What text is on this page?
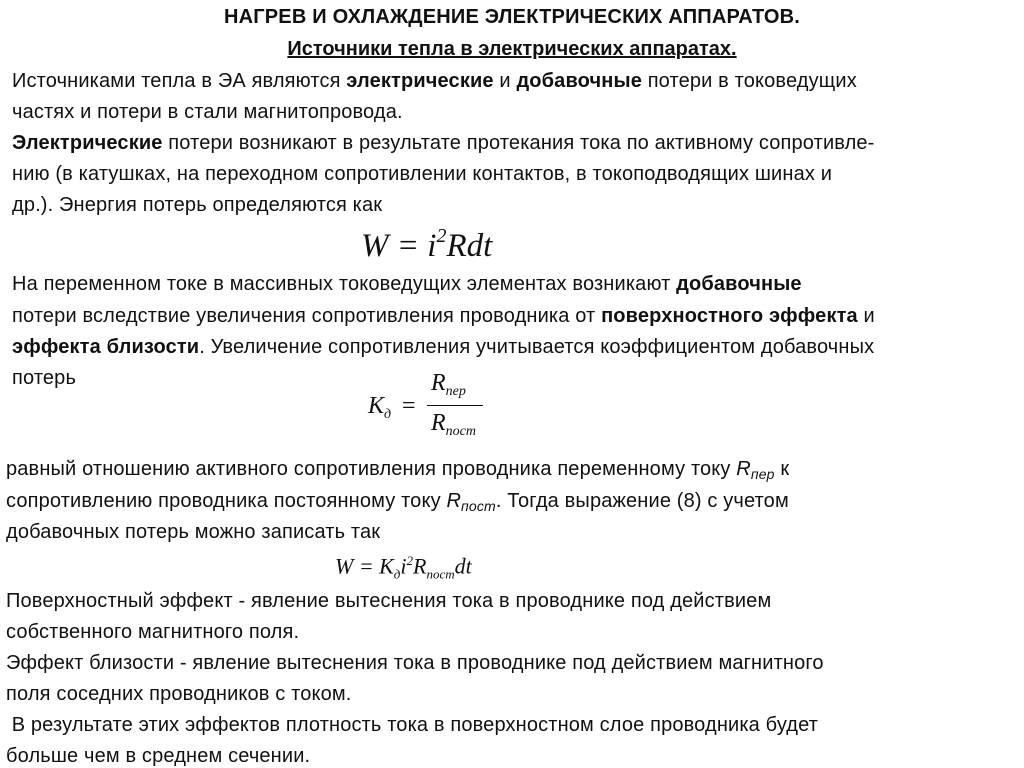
НАГРЕВ И ОХЛАЖДЕНИЕ ЭЛЕКТРИЧЕСКИХ АППАРАТОВ.
Источники тепла в электрических аппаратах.
Источниками тепла в ЭА являются электрические и добавочные потери в токоведущих
частях и потери в стали магнитопровода.
Электрические потери возникают в результате протекания тока по активному сопротивле-
нию (в катушках, на переходном сопротивлении контактов, в токоподводящих шинах и
др.). Энергия потерь определяются как
$W = i^2Rdt$
На переменном токе в массивных токоведущих элементах возникают добавочные
потери вследствие увеличения сопротивления проводника от поверхностного эффекта и
эффекта близости. Увеличение сопротивления учитывается коэффициентом добавочных
потерь
$K_д$ =
$R_{пер}$
$R_{пост}$
равный отношению активного сопротивления проводника переменному току $R_{пер}$ к
сопротивлению проводника постоянному току $R_{пост}$. Тогда выражение (8) с учетом
добавочных потерь можно записать так
$W = К_дi^2R_{пост}dt$
Поверхностный эффект - явление вытеснения тока в проводнике под действием
собственного магнитного поля.
Эффект близости - явление вытеснения тока в проводнике под действием магнитного
поля соседних проводников с током.
В результате этих эффектов плотность тока в поверхностном слое проводника будет
больше чем в среднем сечении.
